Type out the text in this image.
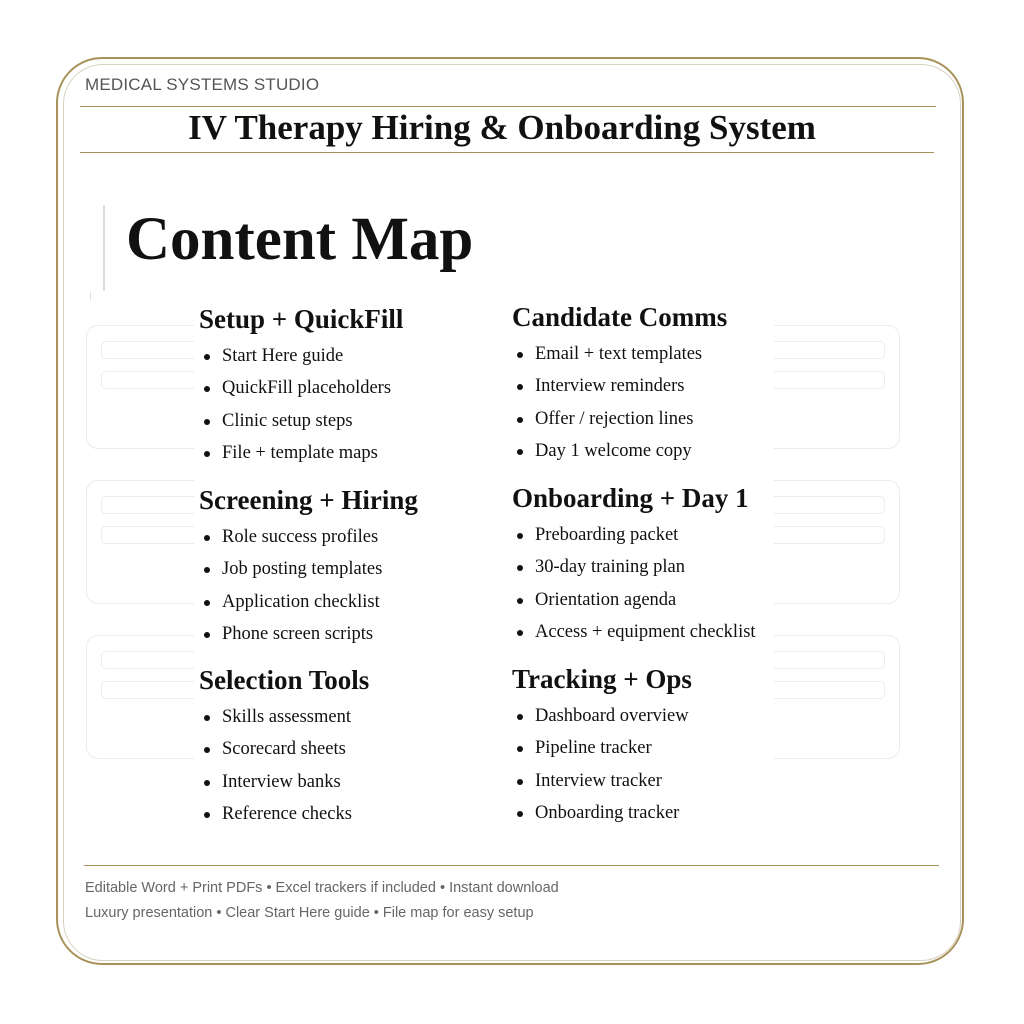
MEDICAL SYSTEMS STUDIO
IV Therapy Hiring & Onboarding System
Content Map
Setup + QuickFill
Start Here guide
QuickFill placeholders
Clinic setup steps
File + template maps
Candidate Comms
Email + text templates
Interview reminders
Offer / rejection lines
Day 1 welcome copy
Screening + Hiring
Role success profiles
Job posting templates
Application checklist
Phone screen scripts
Onboarding + Day 1
Preboarding packet
30-day training plan
Orientation agenda
Access + equipment checklist
Selection Tools
Skills assessment
Scorecard sheets
Interview banks
Reference checks
Tracking + Ops
Dashboard overview
Pipeline tracker
Interview tracker
Onboarding tracker
Editable Word + Print PDFs • Excel trackers if included • Instant download
Luxury presentation • Clear Start Here guide • File map for easy setup
